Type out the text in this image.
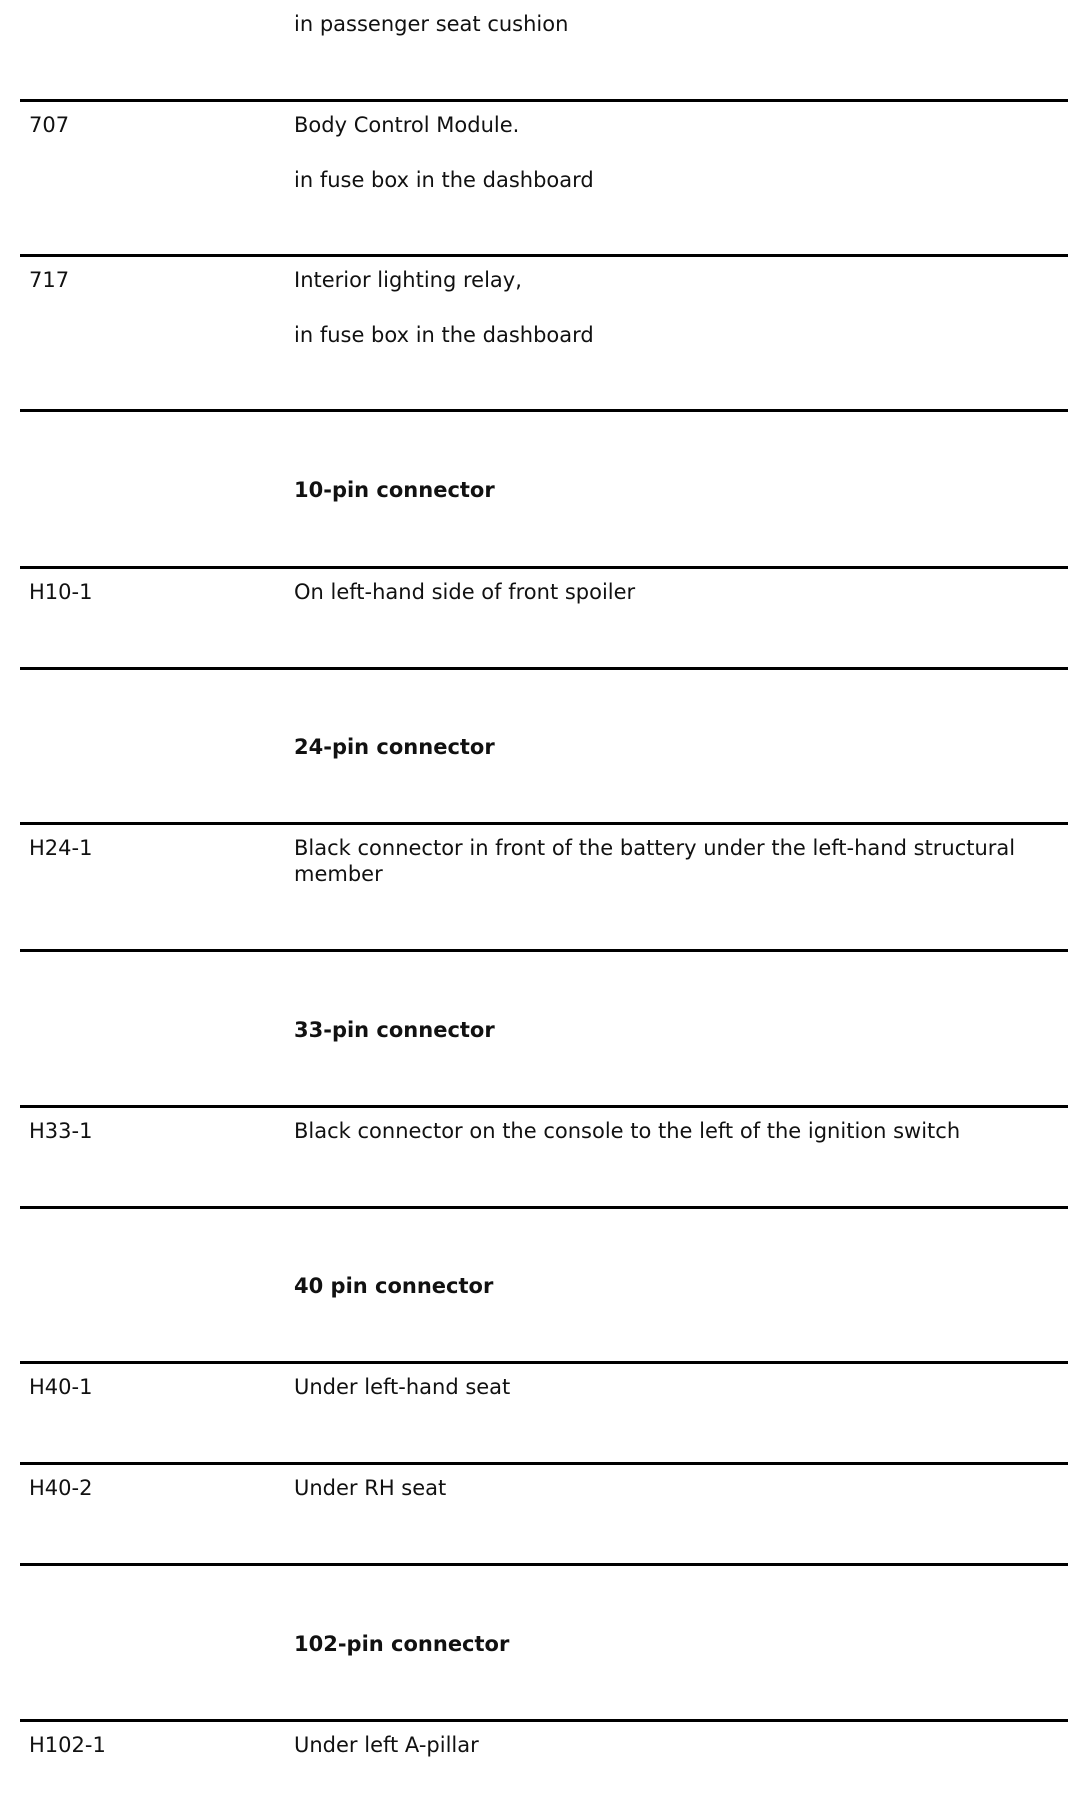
in passenger seat cushion
707	Body Control Module.
in fuse box in the dashboard
717	Interior lighting relay,
in fuse box in the dashboard
10-pin connector
H10-1	On left-hand side of front spoiler
24-pin connector
H24-1	Black connector in front of the battery under the left-hand structural member
33-pin connector
H33-1	Black connector on the console to the left of the ignition switch
40 pin connector
H40-1	Under left-hand seat
H40-2	Under RH seat
102-pin connector
H102-1	Under left A-pillar
